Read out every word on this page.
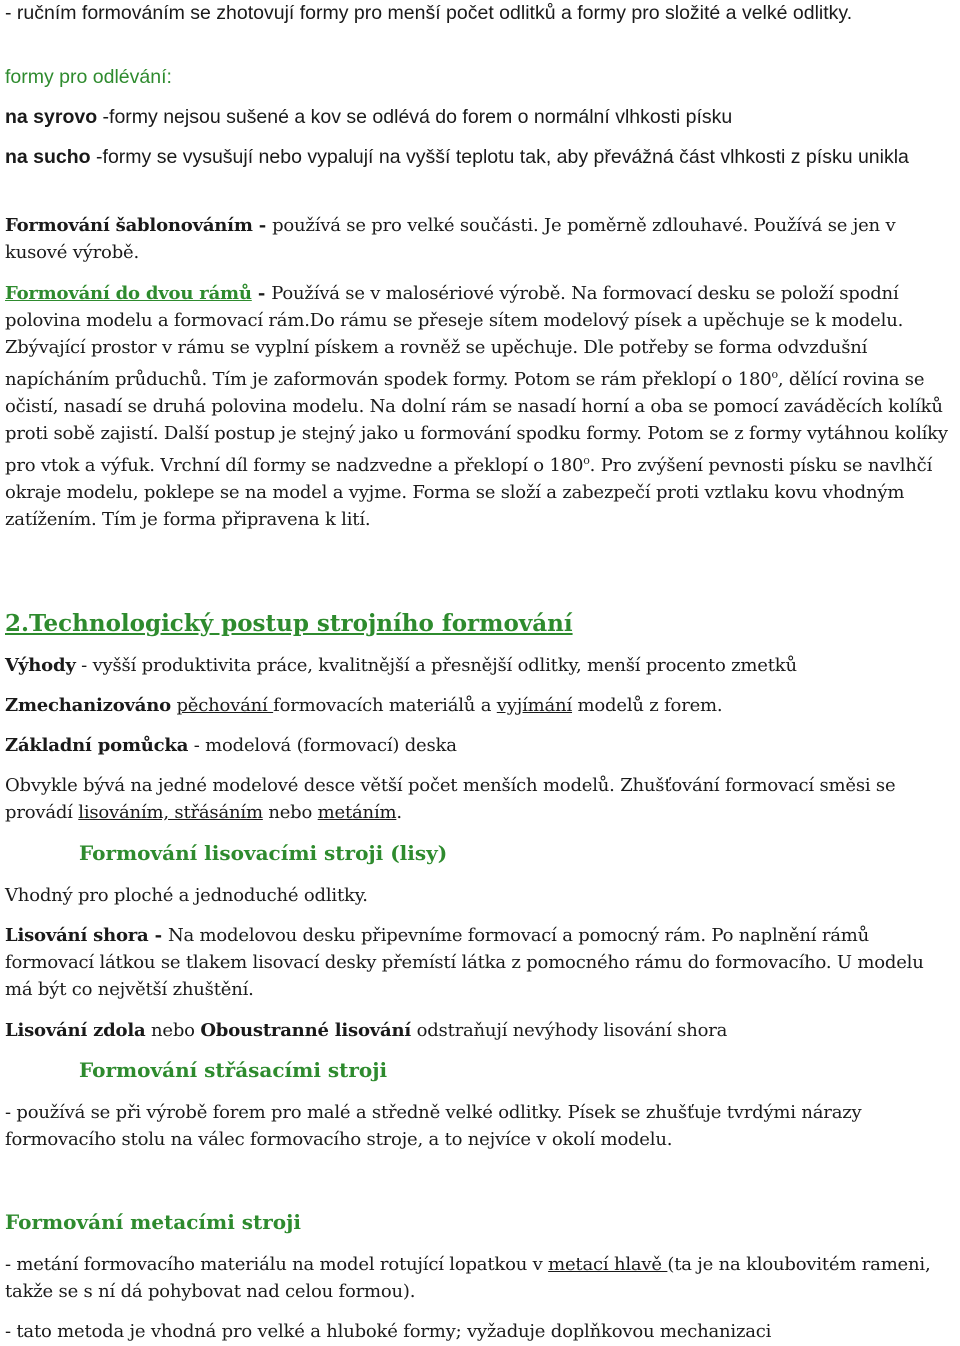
- ručním formováním se zhotovují formy pro menší počet odlitků a formy pro složité a velké odlitky.

formy pro odlévání:

na syrovo -formy nejsou sušené a kov se odlévá do forem o normální vlhkosti písku

na sucho -formy se vysušují nebo vypalují na vyšší teplotu tak, aby převážná část vlhkosti z písku unikla

Formování šablonováním - používá se pro velké součásti. Je poměrně zdlouhavé. Používá se jen v kusové výrobě.

Formování do dvou rámů - Používá se v malosériové výrobě. Na formovací desku se položí spodní polovina modelu a formovací rám.Do rámu se přeseje sítem modelový písek a upěchuje se k modelu. Zbývající prostor v rámu se vyplní pískem a rovněž se upěchuje. Dle potřeby se forma odvzdušní napícháním průduchů. Tím je zaformován spodek formy. Potom se rám překlopí o 180$^o$, dělící rovina se očistí, nasadí se druhá polovina modelu. Na dolní rám se nasadí horní a oba se pomocí zaváděcích kolíků proti sobě zajistí. Další postup je stejný jako u formování spodku formy. Potom se z formy vytáhnou kolíky pro vtok a výfuk. Vrchní díl formy se nadzvedne a překlopí o 180$^o$. Pro zvýšení pevnosti písku se navlhčí okraje modelu, poklepe se na model a vyjme. Forma se složí a zabezpečí proti vztlaku kovu vhodným zatížením. Tím je forma připravena k lití.

2.Technologický postup strojního formování

Výhody - vyšší produktivita práce, kvalitnější a přesnější odlitky, menší procento zmetků

Zmechanizováno pěchování formovacích materiálů a vyjímání modelů z forem.

Základní pomůcka - modelová (formovací) deska

Obvykle bývá na jedné modelové desce větší počet menších modelů. Zhušťování formovací směsi se provádí lisováním, střásáním nebo metáním.

Formování lisovacími stroji (lisy)

Vhodný pro ploché a jednoduché odlitky.

Lisování shora - Na modelovou desku připevníme formovací a pomocný rám. Po naplnění rámů formovací látkou se tlakem lisovací desky přemístí látka z pomocného rámu do formovacího. U modelu má být co největší zhuštění.

Lisování zdola nebo Oboustranné lisování odstraňují nevýhody lisování shora

Formování střásacími stroji

- používá se při výrobě forem pro malé a středně velké odlitky. Písek se zhušťuje tvrdými nárazy formovacího stolu na válec formovacího stroje, a to nejvíce v okolí modelu.

Formování metacími stroji

- metání formovacího materiálu na model rotující lopatkou v metací hlavě (ta je na kloubovitém rameni, takže se s ní dá pohybovat nad celou formou).

- tato metoda je vhodná pro velké a hluboké formy; vyžaduje doplňkovou mechanizaci
